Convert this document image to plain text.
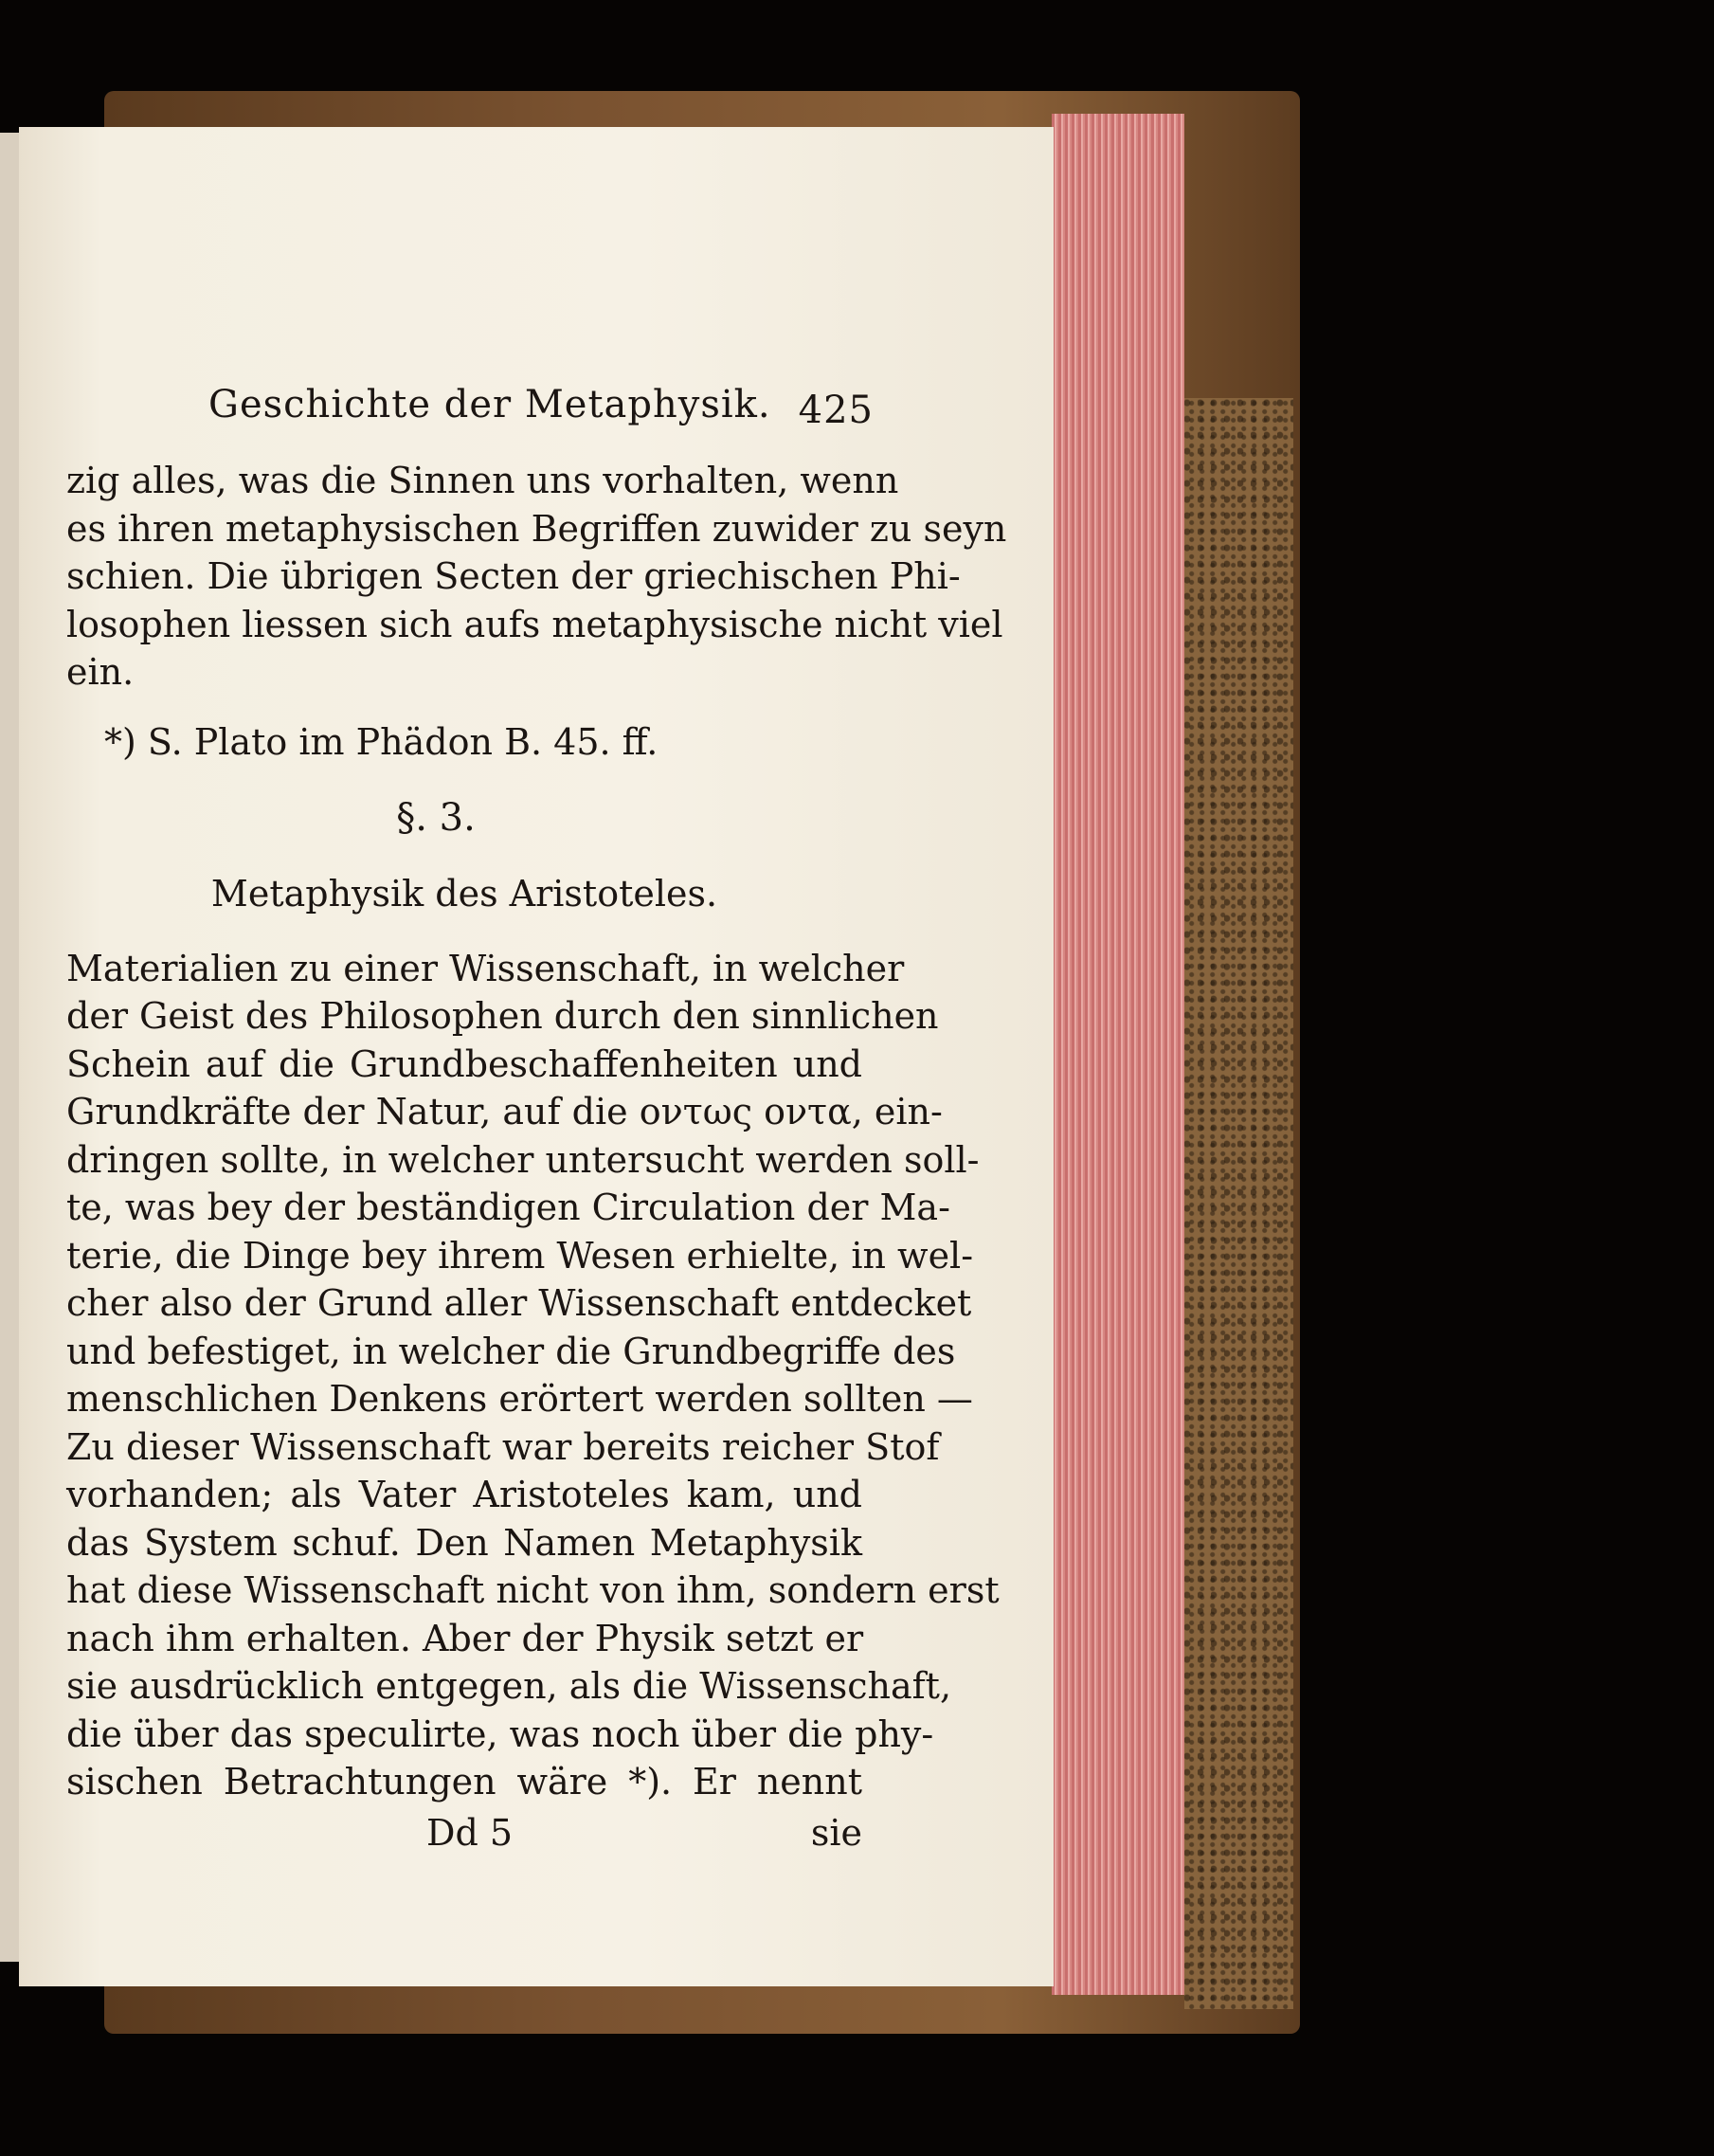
Geschichte der Metaphysik. 425
zig alles, was die Sinnen uns vorhalten, wenn
es ihren metaphysischen Begriffen zuwider zu seyn
schien. Die übrigen Secten der griechischen Phi-
losophen liessen sich aufs metaphysische nicht viel
ein.
*) S. Plato im Phädon B. 45. ff.
§. 3.
Metaphysik des Aristoteles.
Materialien zu einer Wissenschaft, in welcher
der Geist des Philosophen durch den sinnlichen
Schein auf die Grundbeschaffenheiten und
Grundkräfte der Natur, auf die οντως οντα, ein-
dringen sollte, in welcher untersucht werden soll-
te, was bey der beständigen Circulation der Ma-
terie, die Dinge bey ihrem Wesen erhielte, in wel-
cher also der Grund aller Wissenschaft entdecket
und befestiget, in welcher die Grundbegriffe des
menschlichen Denkens erörtert werden sollten —
Zu dieser Wissenschaft war bereits reicher Stof
vorhanden; als Vater Aristoteles kam, und
das System schuf. Den Namen Metaphysik
hat diese Wissenschaft nicht von ihm, sondern erst
nach ihm erhalten. Aber der Physik setzt er
sie ausdrücklich entgegen, als die Wissenschaft,
die über das speculirte, was noch über die phy-
sischen Betrachtungen wäre *). Er nennt
Dd 5	sie
